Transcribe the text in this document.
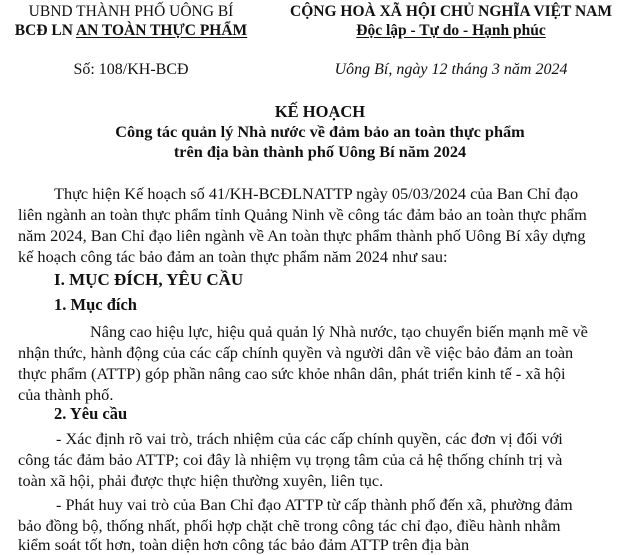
UBND THÀNH PHỐ UÔNG BÍ
BCĐ LN AN TOÀN THỰC PHẨM
CỘNG HOÀ XÃ HỘI CHỦ NGHĨA VIỆT NAM
Độc lập - Tự do - Hạnh phúc
Số: 108/KH-BCĐ	Uông Bí, ngày 12 tháng 3 năm 2024
KẾ HOẠCH
Công tác quản lý Nhà nước về đảm bảo an toàn thực phẩm
trên địa bàn thành phố Uông Bí năm 2024
Thực hiện Kế hoạch số 41/KH-BCĐLNATTP ngày 05/03/2024 của Ban Chỉ đạo
liên ngành an toàn thực phẩm tỉnh Quảng Ninh về công tác đảm bảo an toàn thực phẩm
năm 2024, Ban Chỉ đạo liên ngành về An toàn thực phẩm thành phố Uông Bí xây dựng
kế hoạch công tác bảo đảm an toàn thực phẩm năm 2024 như sau:
I. MỤC ĐÍCH, YÊU CẦU
1. Mục đích
Nâng cao hiệu lực, hiệu quả quản lý Nhà nước, tạo chuyển biến mạnh mẽ về
nhận thức, hành động của các cấp chính quyền và người dân về việc bảo đảm an toàn
thực phẩm (ATTP) góp phần nâng cao sức khỏe nhân dân, phát triển kinh tế - xã hội
của thành phố.
2. Yêu cầu
- Xác định rõ vai trò, trách nhiệm của các cấp chính quyền, các đơn vị đối với
công tác đảm bảo ATTP; coi đây là nhiệm vụ trọng tâm của cả hệ thống chính trị và
toàn xã hội, phải được thực hiện thường xuyên, liên tục.
- Phát huy vai trò của Ban Chỉ đạo ATTP từ cấp thành phố đến xã, phường đảm
bảo đồng bộ, thống nhất, phối hợp chặt chẽ trong công tác chỉ đạo, điều hành nhằm
kiểm soát tốt hơn, toàn diện hơn công tác bảo đảm ATTP trên địa bàn
